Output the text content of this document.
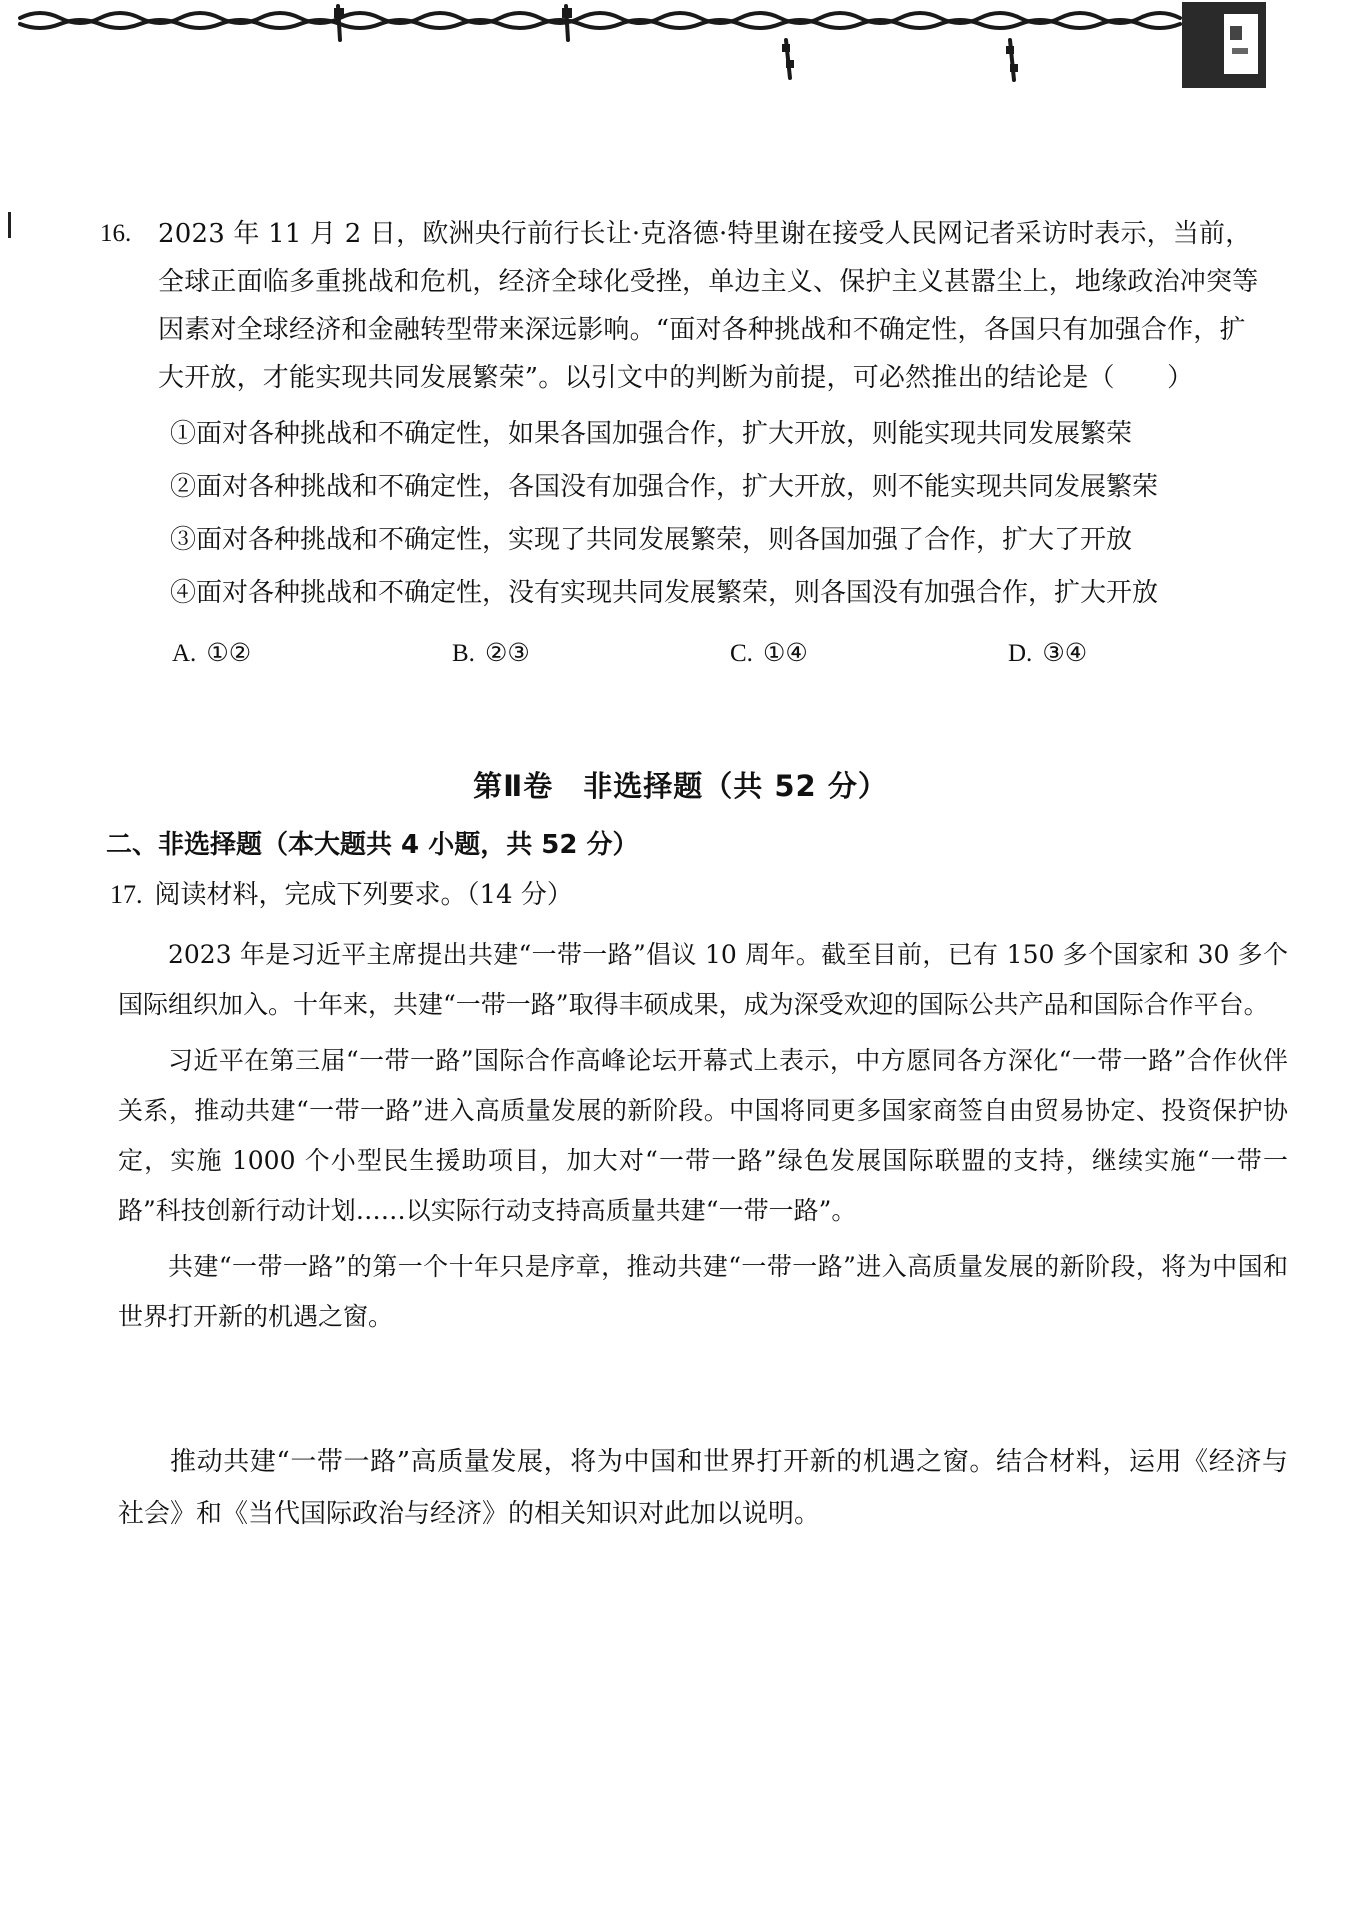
16.	2023 年 11 月 2 日，欧洲央行前行长让·克洛德·特里谢在接受人民网记者采访时表示，当前，全球正面临多重挑战和危机，经济全球化受挫，单边主义、保护主义甚嚣尘上，地缘政治冲突等因素对全球经济和金融转型带来深远影响。“面对各种挑战和不确定性，各国只有加强合作，扩大开放，才能实现共同发展繁荣”。以引文中的判断为前提，可必然推出的结论是（　　）
①面对各种挑战和不确定性，如果各国加强合作，扩大开放，则能实现共同发展繁荣
②面对各种挑战和不确定性，各国没有加强合作，扩大开放，则不能实现共同发展繁荣
③面对各种挑战和不确定性，实现了共同发展繁荣，则各国加强了合作，扩大了开放
④面对各种挑战和不确定性，没有实现共同发展繁荣，则各国没有加强合作，扩大开放
A. ①②	B. ②③	C. ①④	D. ③④
第Ⅱ卷　非选择题（共 52 分）
二、非选择题（本大题共 4 小题，共 52 分）
17. 阅读材料，完成下列要求。（14 分）

2023 年是习近平主席提出共建“一带一路”倡议 10 周年。截至目前，已有 150 多个国家和 30 多个国际组织加入。十年来，共建“一带一路”取得丰硕成果，成为深受欢迎的国际公共产品和国际合作平台。

习近平在第三届“一带一路”国际合作高峰论坛开幕式上表示，中方愿同各方深化“一带一路”合作伙伴关系，推动共建“一带一路”进入高质量发展的新阶段。中国将同更多国家商签自由贸易协定、投资保护协定，实施 1000 个小型民生援助项目，加大对“一带一路”绿色发展国际联盟的支持，继续实施“一带一路”科技创新行动计划……以实际行动支持高质量共建“一带一路”。

共建“一带一路”的第一个十年只是序章，推动共建“一带一路”进入高质量发展的新阶段，将为中国和世界打开新的机遇之窗。

推动共建“一带一路”高质量发展，将为中国和世界打开新的机遇之窗。结合材料，运用《经济与社会》和《当代国际政治与经济》的相关知识对此加以说明。
